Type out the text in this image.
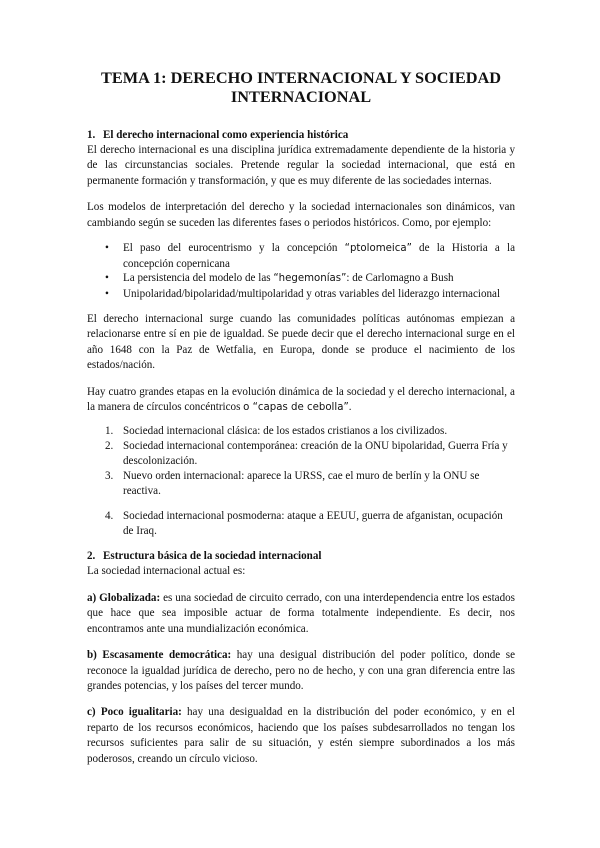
TEMA 1: DERECHO INTERNACIONAL Y SOCIEDAD INTERNACIONAL
1. El derecho internacional como experiencia histórica

El derecho internacional es una disciplina jurídica extremadamente dependiente de la historia y de las circunstancias sociales. Pretende regular la sociedad internacional, que está en permanente formación y transformación, y que es muy diferente de las sociedades internas.

Los modelos de interpretación del derecho y la sociedad internacionales son dinámicos, van cambiando según se suceden las diferentes fases o periodos históricos. Como, por ejemplo:

• El paso del eurocentrismo y la concepción “ptolomeica” de la Historia a la concepción copernicana
• La persistencia del modelo de las “hegemonías”: de Carlomagno a Bush
• Unipolaridad/bipolaridad/multipolaridad y otras variables del liderazgo internacional

El derecho internacional surge cuando las comunidades políticas autónomas empiezan a relacionarse entre sí en pie de igualdad. Se puede decir que el derecho internacional surge en el año 1648 con la Paz de Wetfalia, en Europa, donde se produce el nacimiento de los estados/nación.

Hay cuatro grandes etapas en la evolución dinámica de la sociedad y el derecho internacional, a la manera de círculos concéntricos o “capas de cebolla”.

1. Sociedad internacional clásica: de los estados cristianos a los civilizados.
2. Sociedad internacional contemporánea: creación de la ONU bipolaridad, Guerra Fría y descolonización.
3. Nuevo orden internacional: aparece la URSS, cae el muro de berlín y la ONU se reactiva.
4. Sociedad internacional posmoderna: ataque a EEUU, guerra de afganistan, ocupación de Iraq.
2. Estructura básica de la sociedad internacional

La sociedad internacional actual es:

a) Globalizada: es una sociedad de circuito cerrado, con una interdependencia entre los estados que hace que sea imposible actuar de forma totalmente independiente. Es decir, nos encontramos ante una mundialización económica.

b) Escasamente democrática: hay una desigual distribución del poder político, donde se reconoce la igualdad jurídica de derecho, pero no de hecho, y con una gran diferencia entre las grandes potencias, y los países del tercer mundo.

c) Poco igualitaria: hay una desigualdad en la distribución del poder económico, y en el reparto de los recursos económicos, haciendo que los países subdesarrollados no tengan los recursos suficientes para salir de su situación, y estén siempre subordinados a los más poderosos, creando un círculo vicioso.
